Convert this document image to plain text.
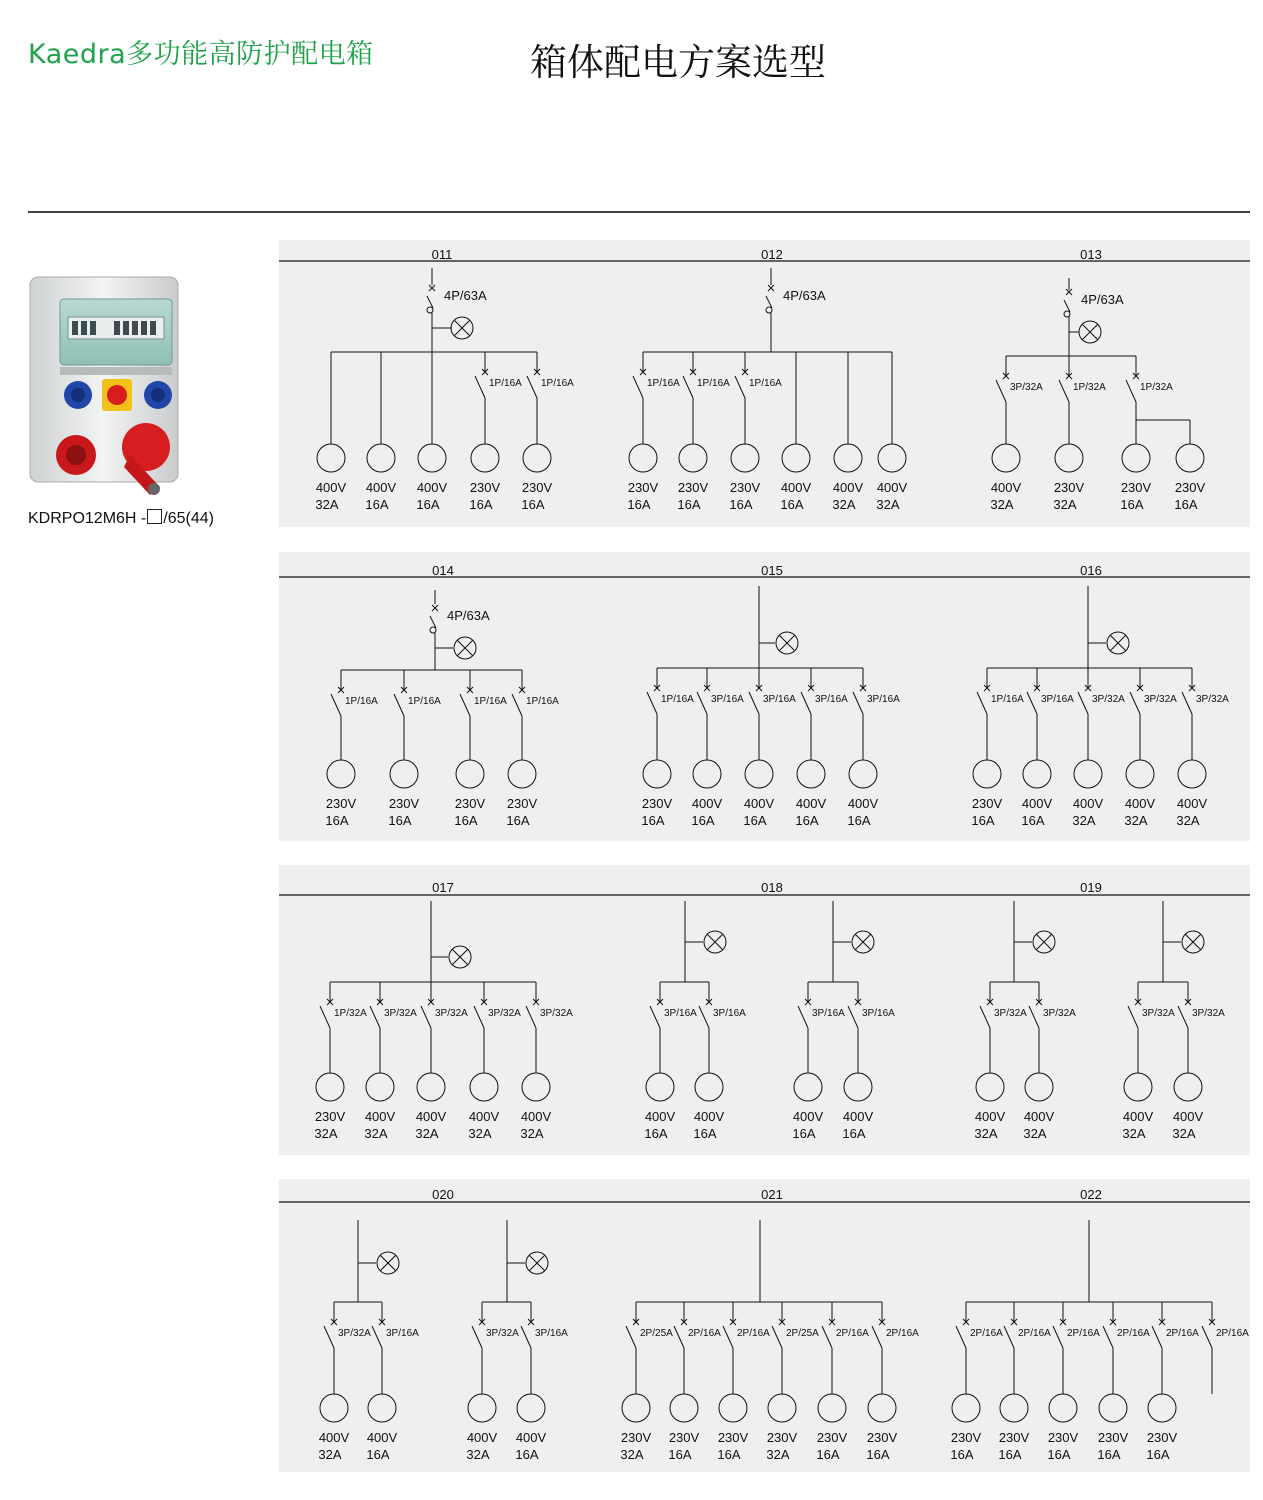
Kaedra多功能高防护配电箱	箱体配电方案选型
KDRPO12M6H - /65(44)
011
4P/63A
400V
32A
400V
16A
400V
16A
1P/16A
230V
16A
1P/16A
230V
16A
012
4P/63A
1P/16A
230V
16A
1P/16A
230V
16A
1P/16A
230V
16A
400V
16A
400V
32A
400V
32A
013
4P/63A
3P/32A
400V
32A
1P/32A
230V
32A
1P/32A
230V
16A
230V
16A
014
4P/63A
1P/16A
230V
16A
1P/16A
230V
16A
1P/16A
230V
16A
1P/16A
230V
16A
015
1P/16A
230V
16A
3P/16A
400V
16A
3P/16A
400V
16A
3P/16A
400V
16A
3P/16A
400V
16A
016
1P/16A
230V
16A
3P/16A
400V
16A
3P/32A
400V
32A
3P/32A
400V
32A
3P/32A
400V
32A
017
1P/32A
230V
32A
3P/32A
400V
32A
3P/32A
400V
32A
3P/32A
400V
32A
3P/32A
400V
32A
018
3P/16A
400V
16A
3P/16A
400V
16A
3P/16A
400V
16A
3P/16A
400V
16A
019
3P/32A
400V
32A
3P/32A
400V
32A
3P/32A
400V
32A
3P/32A
400V
32A
020
3P/32A
400V
32A
3P/16A
400V
16A
3P/32A
400V
32A
3P/16A
400V
16A
021
2P/25A
230V
32A
2P/16A
230V
16A
2P/16A
230V
16A
2P/25A
230V
32A
2P/16A
230V
16A
2P/16A
230V
16A
022
2P/16A
230V
16A
2P/16A
230V
16A
2P/16A
230V
16A
2P/16A
230V
16A
2P/16A
230V
16A
2P/16A
